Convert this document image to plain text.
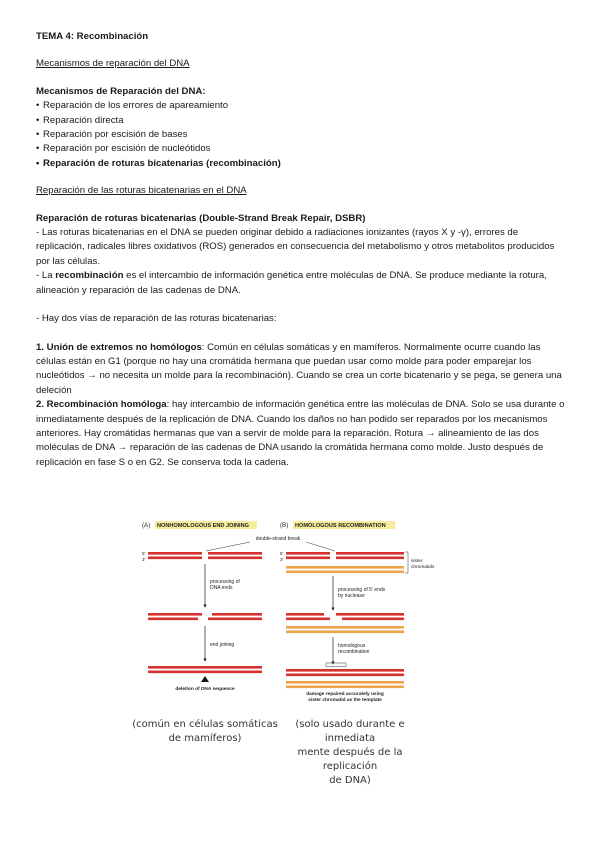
TEMA 4: Recombinación

Mecanismos de reparación del DNA

Mecanismos de Reparación del DNA:

• Reparación de los errores de apareamiento
• Reparación directa
• Reparación por escisión de bases
• Reparación por escisión de nucleótidos
• Reparación de roturas bicatenarias (recombinación)

Reparación de las roturas bicatenarias en el DNA

Reparación de roturas bicatenarias (Double-Strand Break Repair, DSBR)

- Las roturas bicatenarias en el DNA se pueden originar debido a radiaciones ionizantes (rayos X y -γ), errores de replicación, radicales libres oxidativos (ROS) generados en consecuencia del metabolismo y otros metabolitos producidos por las células.

- La recombinación es el intercambio de información genética entre moléculas de DNA. Se produce mediante la rotura, alineación y reparación de las cadenas de DNA.

- Hay dos vías de reparación de las roturas bicatenarias:

1. Unión de extremos no homólogos: Común en células somáticas y en mamíferos. Normalmente ocurre cuando las células están en G1 (porque no hay una cromátida hermana que puedan usar como molde para poder emparejar los nucleótidos → no necesita un molde para la recombinación). Cuando se crea un corte bicatenario y se pega, se genera una deleción

2. Recombinación homóloga: hay intercambio de información genética entre las moléculas de DNA. Solo se usa durante o inmediatamente después de la replicación de DNA. Cuando los daños no han podido ser reparados por los mecanismos anteriores. Hay cromátidas hermanas que van a servir de molde para la reparación. Rotura → alineamiento de las dos moléculas de DNA → reparación de las cadenas de DNA usando la cromátida hermana como molde. Justo después de replicación en fase S o en G2. Se conserva toda la cadena.

(A) NONHOMOLOGOUS END JOINING	(B) HOMOLOGOUS RECOMBINATION
double-strand break
5'
3'
processing of
DNA ends
end joining
deletion of DNA sequence
5'
3'	sister
chromatids
processing of 5' ends
by nuclease
homologous
recombination
damage repaired accurately using
sister chromatid as the template
(común en células somáticas
de mamíferos)
(solo usado durante e inmediata
mente después de la replicación
de DNA)
